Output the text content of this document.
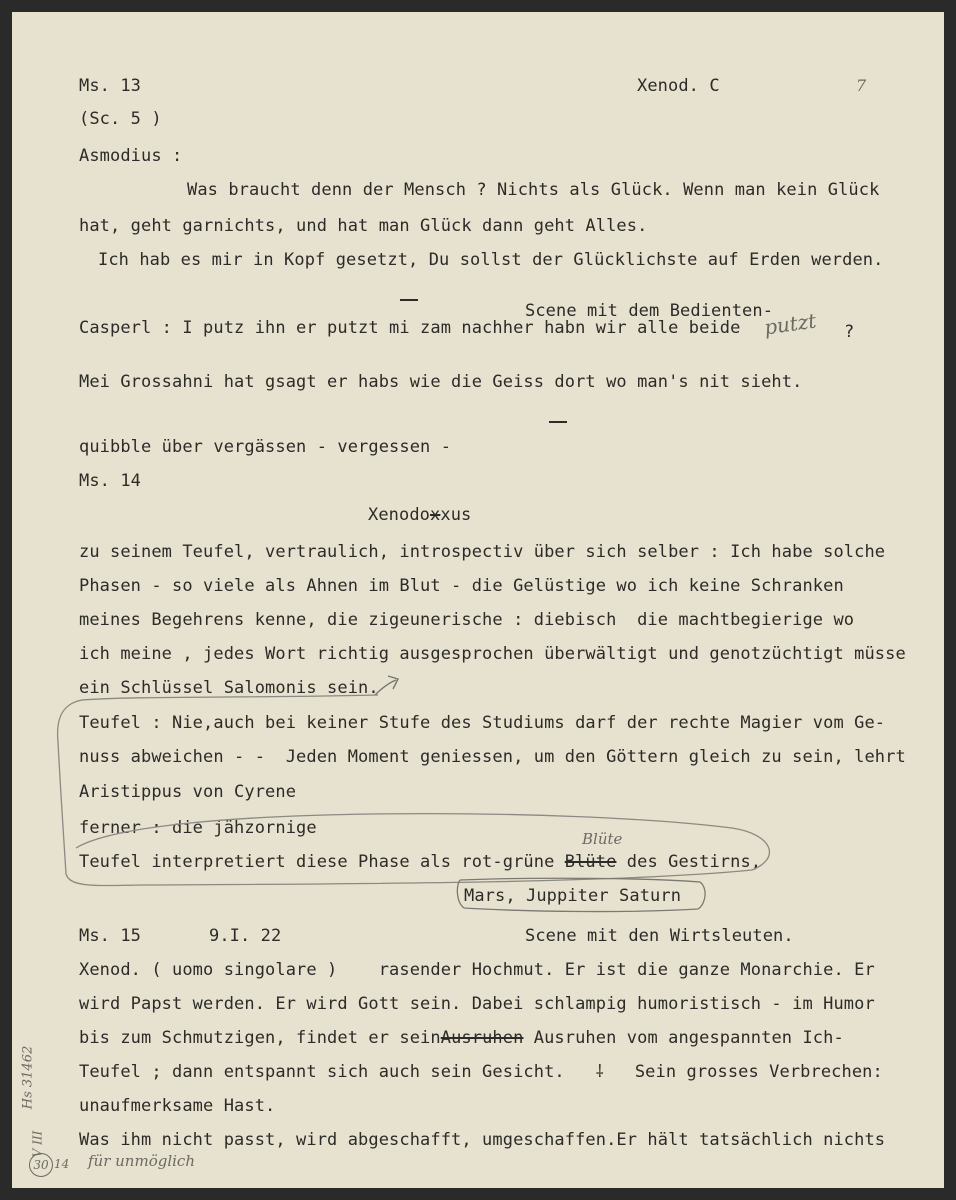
Ms. 13	Xenod. C	7
(Sc. 5 )
Asmodius :
Was braucht denn der Mensch ? Nichts als Glück. Wenn man kein Glück
hat, geht garnichts, und hat man Glück dann geht Alles.
Ich hab es mir in Kopf gesetzt, Du sollst der Glücklichste auf Erden werden.
Scene mit dem Bedienten-
Casperl : I putz ihn er putzt mi zam nachher habn wir alle beide putzt ?
Mei Grossahni hat gsagt er habs wie die Geiss dort wo man's nit sieht.
quibble über vergässen - vergessen -
Ms. 14
Xenodoxxus
zu seinem Teufel, vertraulich, introspectiv über sich selber : Ich habe solche
Phasen - so viele als Ahnen im Blut - die Gelüstige wo ich keine Schranken
meines Begehrens kenne, die zigeunerische : diebisch  die machtbegierige wo
ich meine , jedes Wort richtig ausgesprochen überwältigt und genotzüchtigt müsse
ein Schlüssel Salomonis sein.
Teufel : Nie,auch bei keiner Stufe des Studiums darf der rechte Magier vom Ge-
nuss abweichen - -  Jeden Moment geniessen, um den Göttern gleich zu sein, lehrt
Aristippus von Cyrene
ferner : die jähzornige
Blüte
Teufel interpretiert diese Phase als rot-grüne Blüte des Gestirns,
Mars, Juppiter Saturn
Ms. 15	9.I. 22	Scene mit den Wirtsleuten.
Xenod. ( uomo singolare )    rasender Hochmut. Er ist die ganze Monarchie. Er
wird Papst werden. Er wird Gott sein. Dabei schlampig humoristisch - im Humor
bis zum Schmutzigen, findet er seinAusruhen Ausruhen vom angespannten Ich-
Teufel ; dann entspannt sich auch sein Gesicht.   ⸸   Sein grosses Verbrechen:
unaufmerksame Hast.
Was ihm nicht passt, wird abgeschafft, umgeschaffen.Er hält tatsächlich nichts
für unmöglich
Hs 31462
V III
30 14
